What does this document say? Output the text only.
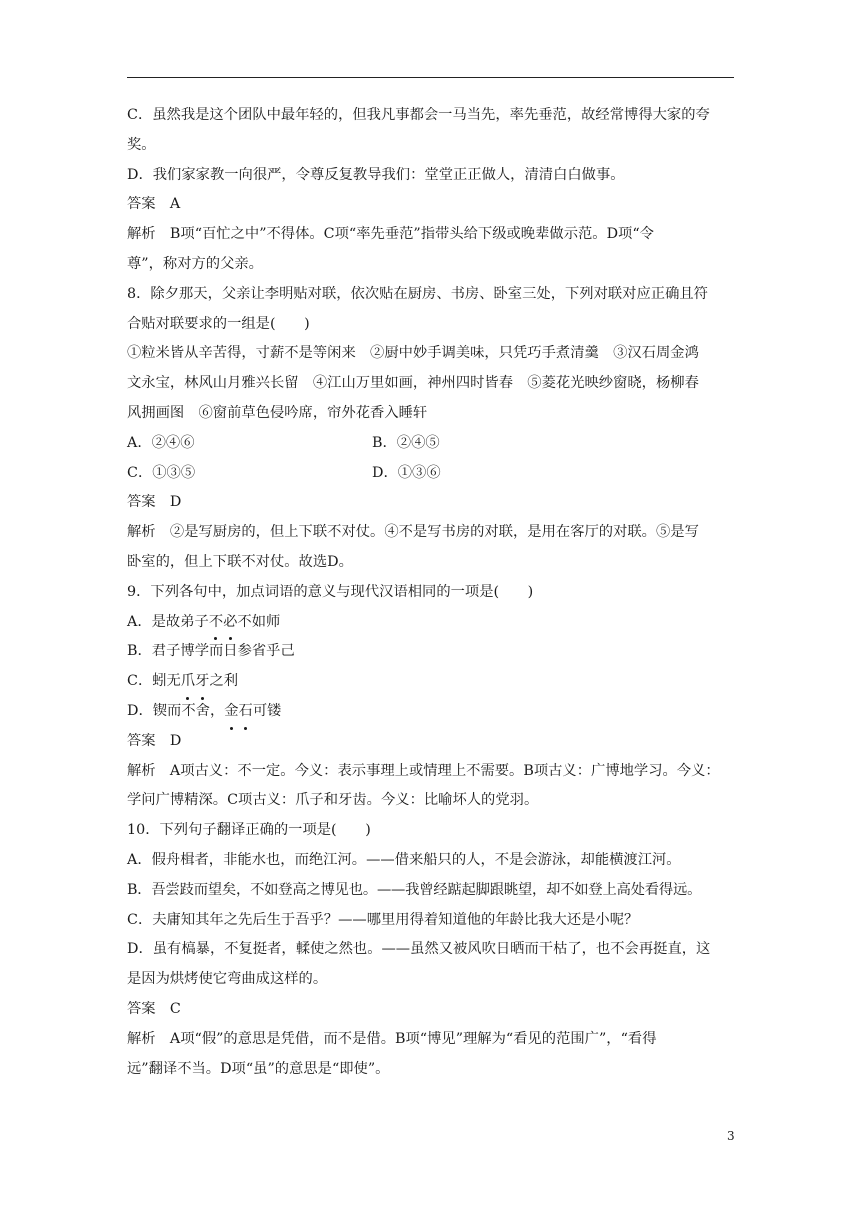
C．虽然我是这个团队中最年轻的，但我凡事都会一马当先，率先垂范，故经常博得大家的夸

奖。

D．我们家家教一向很严，令尊反复教导我们：堂堂正正做人，清清白白做事。

答案　A

解析　B项“百忙之中”不得体。C项“率先垂范”指带头给下级或晚辈做示范。D项“令

尊”，称对方的父亲。

8．除夕那天，父亲让李明贴对联，依次贴在厨房、书房、卧室三处，下列对联对应正确且符

合贴对联要求的一组是(　　)

①粒米皆从辛苦得，寸薪不是等闲来　②厨中妙手调美味，只凭巧手煮清羹　③汉石周金鸿

文永宝，林风山月雅兴长留　④江山万里如画，神州四时皆春　⑤菱花光映纱窗晓，杨柳春

风拥画图　⑥窗前草色侵吟席，帘外花香入睡轩

A．②④⑥	B．②④⑤
C．①③⑤	D．①③⑥

答案　D

解析　②是写厨房的，但上下联不对仗。④不是写书房的对联，是用在客厅的对联。⑤是写

卧室的，但上下联不对仗。故选D。

9．下列各句中，加点词语的意义与现代汉语相同的一项是(　　)

A．是故弟子不必不如师

B．君子博学而日参省乎己

C．蚓无爪牙之利

D．锲而不舍，金石可镂

答案　D

解析　A项古义：不一定。今义：表示事理上或情理上不需要。B项古义：广博地学习。今义：

学问广博精深。C项古义：爪子和牙齿。今义：比喻坏人的党羽。

10．下列句子翻译正确的一项是(　　)

A．假舟楫者，非能水也，而绝江河。——借来船只的人，不是会游泳，却能横渡江河。

B．吾尝跂而望矣，不如登高之博见也。——我曾经踮起脚跟眺望，却不如登上高处看得远。

C．夫庸知其年之先后生于吾乎？——哪里用得着知道他的年龄比我大还是小呢？

D．虽有槁暴，不复挺者，輮使之然也。——虽然又被风吹日晒而干枯了，也不会再挺直，这

是因为烘烤使它弯曲成这样的。

答案　C

解析　A项“假”的意思是凭借，而不是借。B项“博见”理解为“看见的范围广”，“看得

远”翻译不当。D项“虽”的意思是“即使”。

3
